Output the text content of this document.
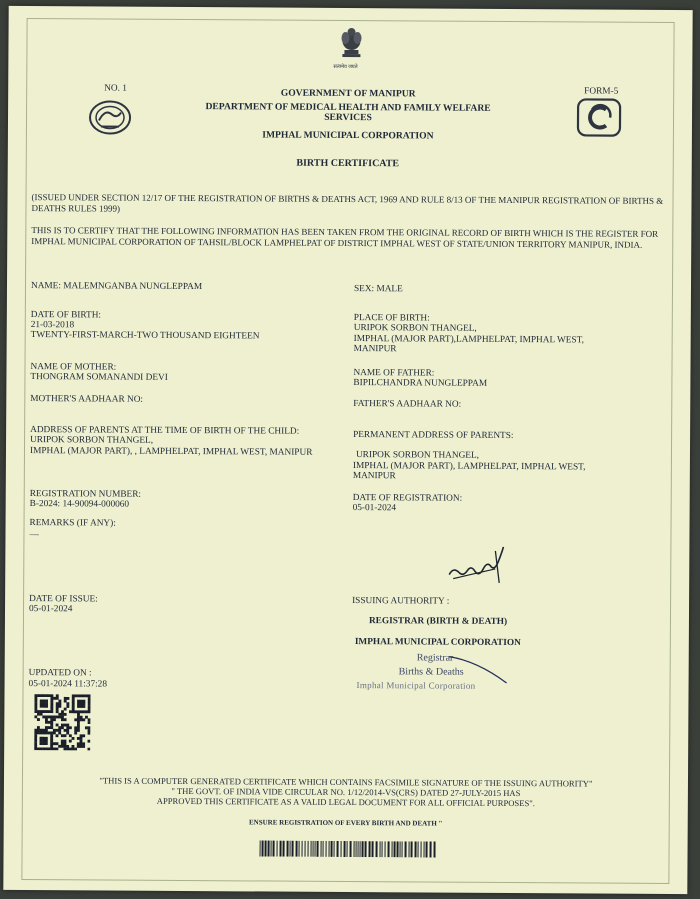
सत्यमेव जयते
NO. 1	FORM-5
GOVERNMENT OF MANIPUR
DEPARTMENT OF MEDICAL HEALTH AND FAMILY WELFARE
SERVICES
IMPHAL MUNICIPAL CORPORATION
BIRTH CERTIFICATE
(ISSUED UNDER SECTION 12/17 OF THE REGISTRATION OF BIRTHS & DEATHS ACT, 1969 AND RULE 8/13 OF THE MANIPUR REGISTRATION OF BIRTHS & DEATHS RULES 1999)
THIS IS TO CERTIFY THAT THE FOLLOWING INFORMATION HAS BEEN TAKEN FROM THE ORIGINAL RECORD OF BIRTH WHICH IS THE REGISTER FOR IMPHAL MUNICIPAL CORPORATION OF TAHSIL/BLOCK LAMPHELPAT OF DISTRICT IMPHAL WEST OF STATE/UNION TERRITORY MANIPUR, INDIA.
NAME: MALEMNGANBA NUNGLEPPAM	SEX: MALE
DATE OF BIRTH:
21-03-2018
TWENTY-FIRST-MARCH-TWO THOUSAND EIGHTEEN
PLACE OF BIRTH:
URIPOK SORBON THANGEL,
IMPHAL (MAJOR PART),LAMPHELPAT, IMPHAL WEST,
MANIPUR
NAME OF MOTHER:
THONGRAM SOMANANDI DEVI	NAME OF FATHER:
BIPILCHANDRA NUNGLEPPAM
MOTHER'S AADHAAR NO:	FATHER'S AADHAAR NO:
ADDRESS OF PARENTS AT THE TIME OF BIRTH OF THE CHILD:
URIPOK SORBON THANGEL,
IMPHAL (MAJOR PART), , LAMPHELPAT, IMPHAL WEST, MANIPUR
PERMANENT ADDRESS OF PARENTS:
URIPOK SORBON THANGEL,
IMPHAL (MAJOR PART), LAMPHELPAT, IMPHAL WEST,
MANIPUR
REGISTRATION NUMBER:
B-2024: 14-90094-000060
DATE OF REGISTRATION:
05-01-2024
REMARKS (IF ANY):
—
DATE OF ISSUE:
05-01-2024
ISSUING AUTHORITY :
REGISTRAR (BIRTH & DEATH)
IMPHAL MUNICIPAL CORPORATION
Registrar
Births & Deaths
Imphal Municipal Corporation
UPDATED ON :
05-01-2024 11:37:28
"THIS IS A COMPUTER GENERATED CERTIFICATE WHICH CONTAINS FACSIMILE SIGNATURE OF THE ISSUING AUTHORITY"
" THE GOVT. OF INDIA VIDE CIRCULAR NO. 1/12/2014-VS(CRS) DATED 27-JULY-2015 HAS
APPROVED THIS CERTIFICATE AS A VALID LEGAL DOCUMENT FOR ALL OFFICIAL PURPOSES".
ENSURE REGISTRATION OF EVERY BIRTH AND DEATH "
